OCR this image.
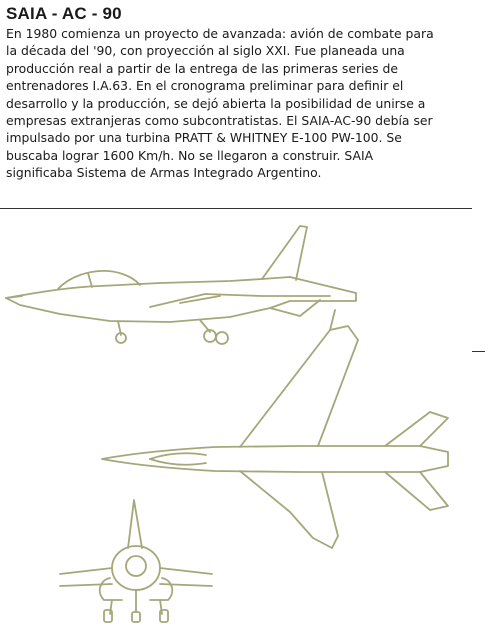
SAIA - AC - 90
En 1980 comienza un proyecto de avanzada: avión de combate para
la década del '90, con proyección al siglo XXI. Fue planeada una
producción real a partir de la entrega de las primeras series de
entrenadores I.A.63. En el cronograma preliminar para definir el
desarrollo y la producción, se dejó abierta la posibilidad de unirse a
empresas extranjeras como subcontratistas. El SAIA-AC-90 debía ser
impulsado por una turbina PRATT & WHITNEY E-100 PW-100. Se
buscaba lograr 1600 Km/h. No se llegaron a construir. SAIA
significaba Sistema de Armas Integrado Argentino.
